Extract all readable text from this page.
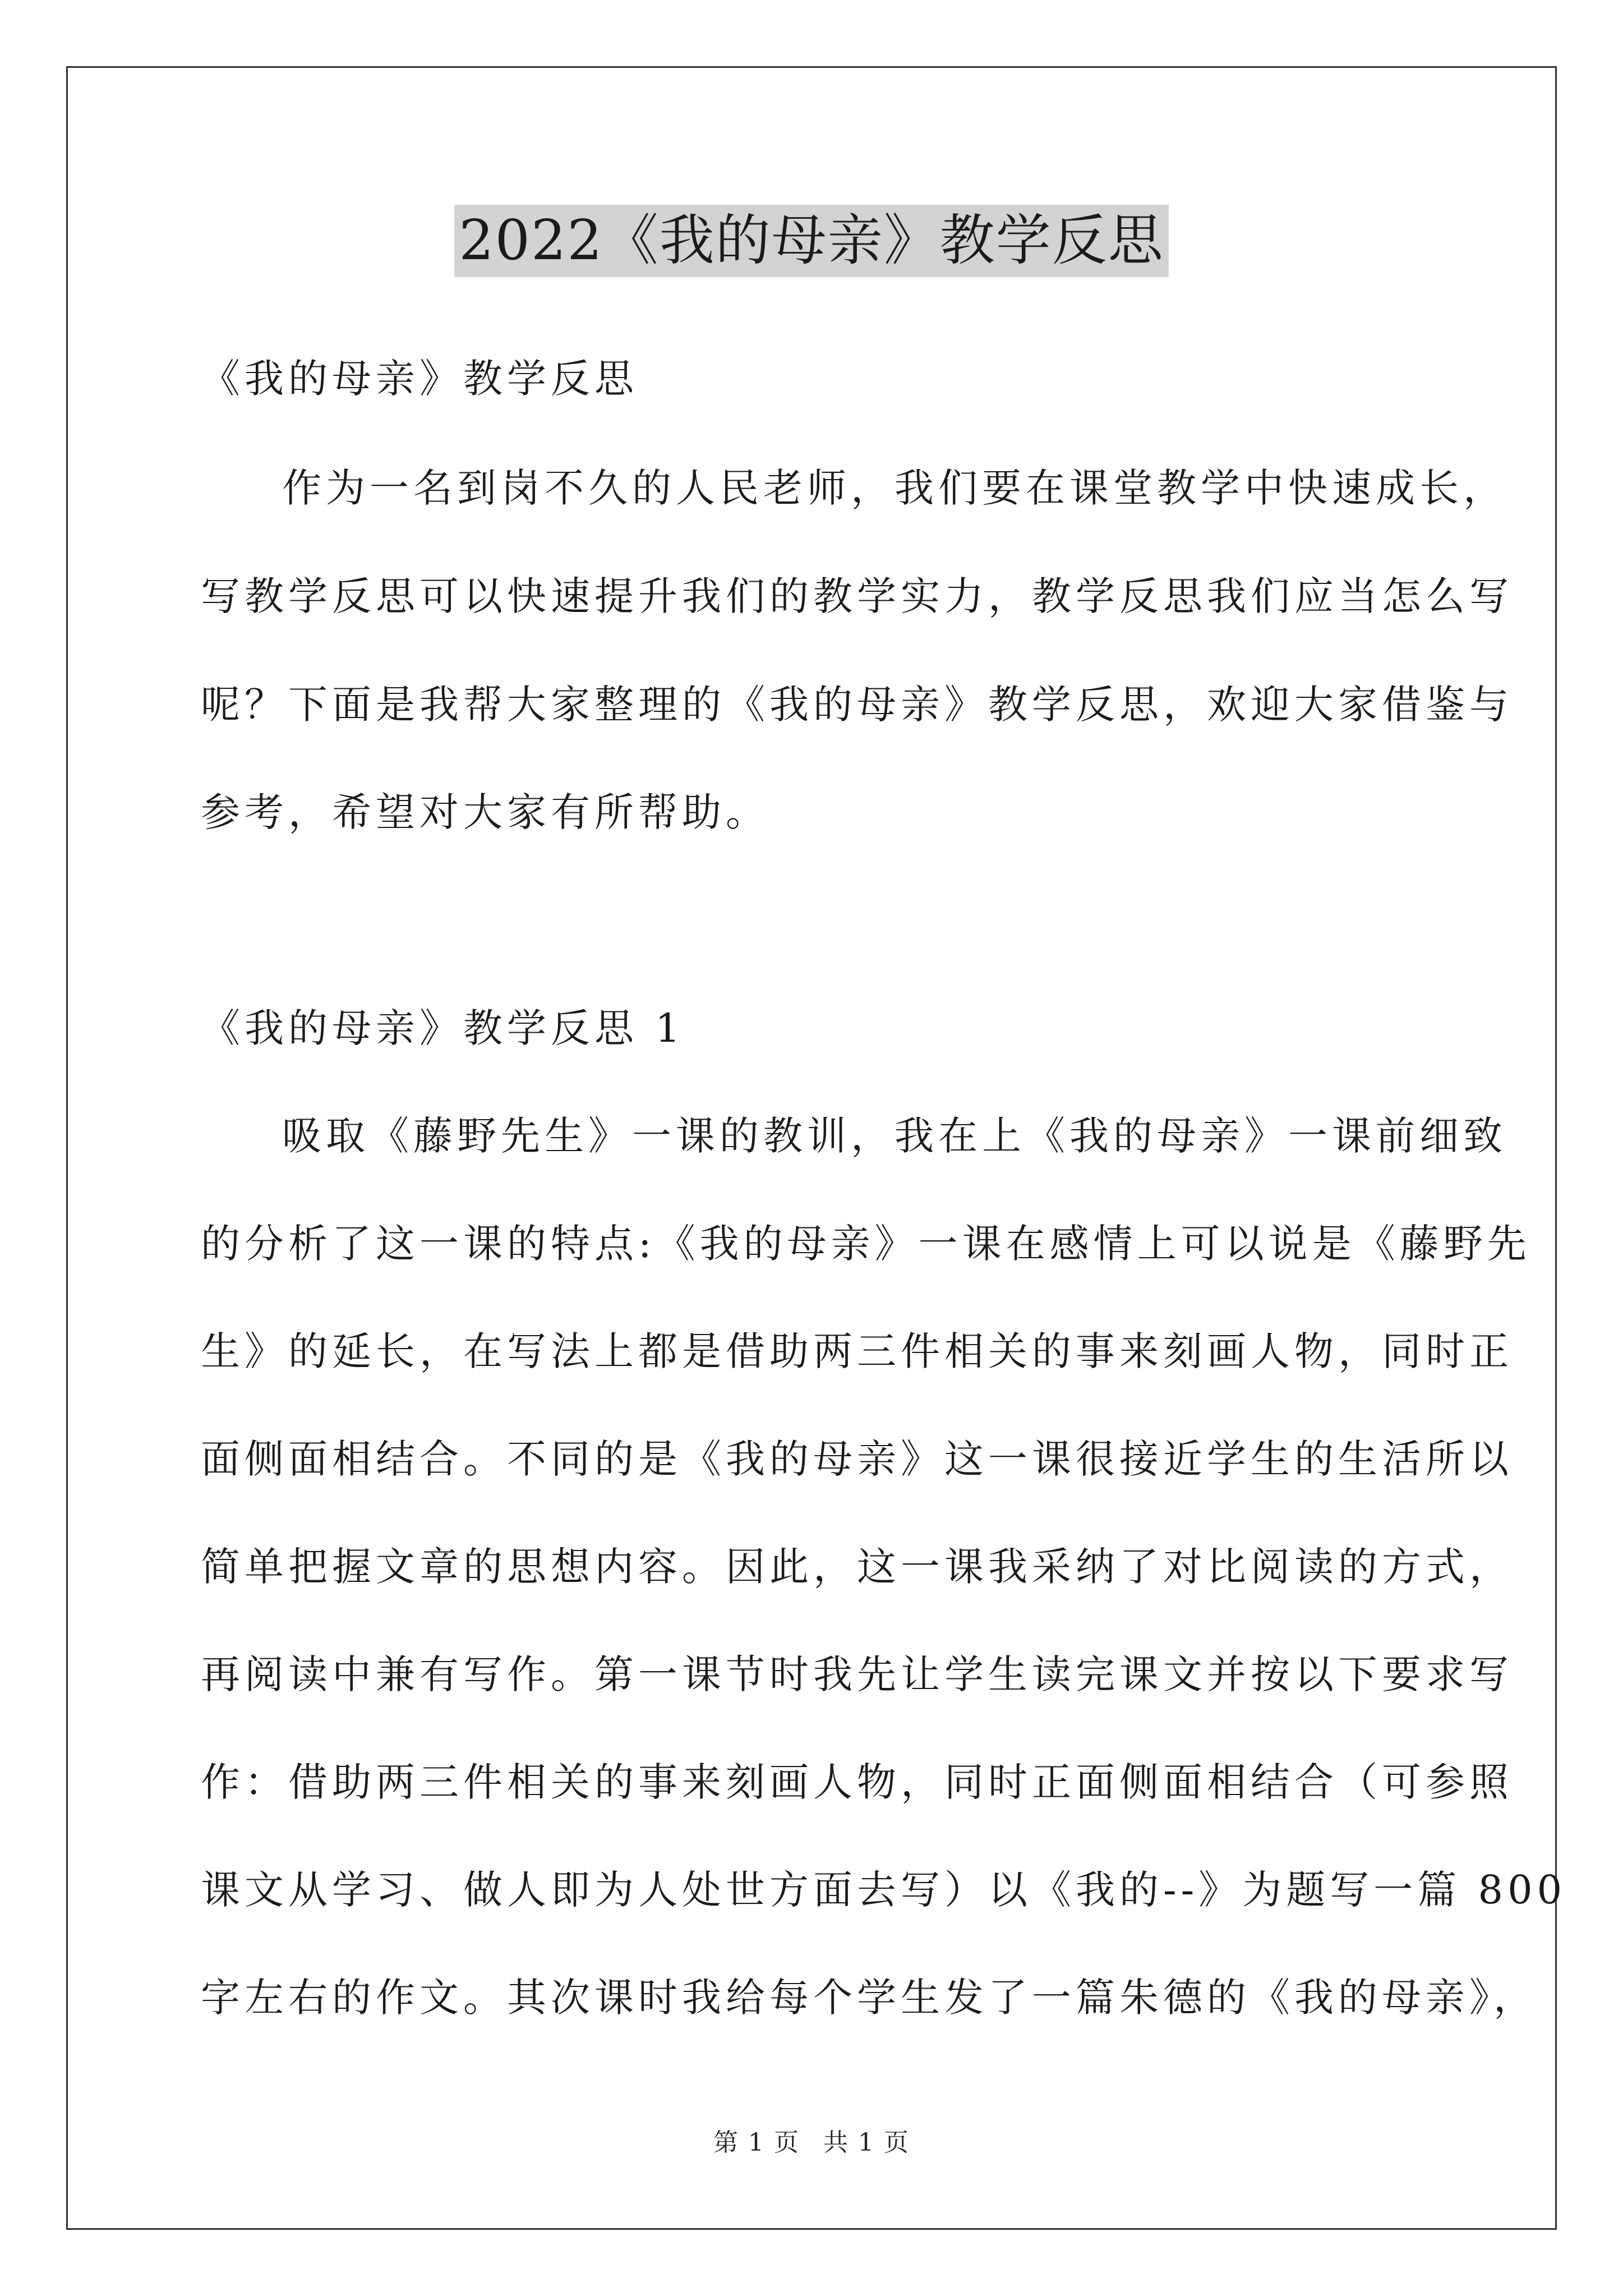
2022《我的母亲》教学反思
《我的母亲》教学反思
作为一名到岗不久的人民老师，我们要在课堂教学中快速成长，
写教学反思可以快速提升我们的教学实力，教学反思我们应当怎么写
呢？下面是我帮大家整理的《我的母亲》教学反思，欢迎大家借鉴与
参考，希望对大家有所帮助。
《我的母亲》教学反思 1
吸取《藤野先生》一课的教训，我在上《我的母亲》一课前细致
的分析了这一课的特点:《我的母亲》一课在感情上可以说是《藤野先
生》的延长，在写法上都是借助两三件相关的事来刻画人物，同时正
面侧面相结合。不同的是《我的母亲》这一课很接近学生的生活所以
简单把握文章的思想内容。因此，这一课我采纳了对比阅读的方式，
再阅读中兼有写作。第一课节时我先让学生读完课文并按以下要求写
作：借助两三件相关的事来刻画人物，同时正面侧面相结合（可参照
课文从学习、做人即为人处世方面去写）以《我的--》为题写一篇 800
字左右的作文。其次课时我给每个学生发了一篇朱德的《我的母亲》，
第 1 页 共 1 页
